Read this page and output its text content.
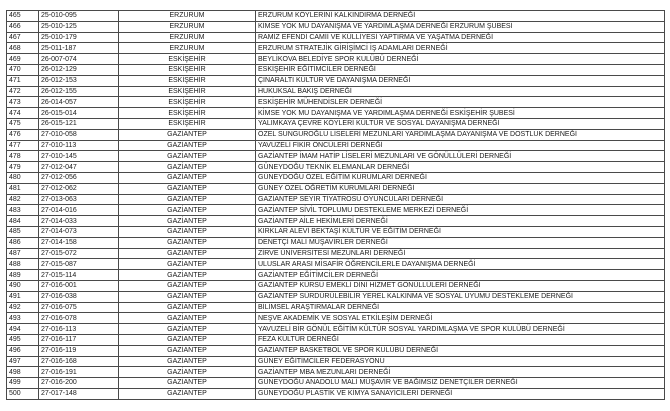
465	25-010-095	ERZURUM	ERZURUM KÖYLERİNİ KALKINDIRMA DERNEĞİ
466	25-010-125	ERZURUM	KİMSE YOK MU DAYANIŞMA VE YARDIMLAŞMA DERNEĞİ ERZURUM ŞUBESİ
467	25-010-179	ERZURUM	RAMİZ EFENDİ CAMİİ VE KÜLLİYESİ YAPTIRMA VE YAŞATMA DERNEĞİ
468	25-011-187	ERZURUM	ERZURUM STRATEJİK GİRİŞİMCİ İŞ ADAMLARI DERNEĞİ
469	26-007-074	ESKİŞEHİR	BEYLİKOVA BELEDİYE SPOR KULÜBÜ DERNEĞİ
470	26-012-129	ESKİŞEHİR	ESKİŞEHİR EĞİTİMCİLER DERNEĞİ
471	26-012-153	ESKİŞEHİR	ÇINARALTI KÜLTÜR VE DAYANIŞMA DERNEĞİ
472	26-012-155	ESKİŞEHİR	HUKUKSAL BAKIŞ DERNEĞİ
473	26-014-057	ESKİŞEHİR	ESKİŞEHİR MÜHENDİSLER DERNEĞİ
474	26-015-014	ESKİŞEHİR	KİMSE YOK MU DAYANIŞMA VE YARDIMLAŞMA DERNEĞİ ESKİŞEHİR ŞUBESİ
475	26-015-121	ESKİŞEHİR	YALIMKAYA ÇEVRE KÖYLERİ KÜLTÜR VE SOSYAL DAYANIŞMA DERNEĞİ
476	27-010-058	GAZİANTEP	ÖZEL SUNGUROĞLU LİSELERİ MEZUNLARI YARDIMLAŞMA DAYANIŞMA VE DOSTLUK DERNEĞİ
477	27-010-113	GAZİANTEP	YAVUZELİ FİKİR ÖNCÜLERİ DERNEĞİ
478	27-010-145	GAZİANTEP	GAZİANTEP İMAM HATİP LİSELERİ MEZUNLARI VE GÖNÜLLÜLERİ DERNEĞİ
479	27-012-047	GAZİANTEP	GÜNEYDOĞU TEKNİK ELEMANLAR DERNEĞİ
480	27-012-056	GAZİANTEP	GÜNEYDOĞU ÖZEL EĞİTİM KURUMLARI DERNEĞİ
481	27-012-062	GAZİANTEP	GÜNEY ÖZEL ÖĞRETİM KURUMLARI DERNEĞİ
482	27-013-063	GAZİANTEP	GAZİANTEP SEYİR TİYATROSU OYUNCULARI DERNEĞİ
483	27-014-016	GAZİANTEP	GAZİANTEP SİVİL TOPLUMU DESTEKLEME MERKEZİ DERNEĞİ
484	27-014-033	GAZİANTEP	GAZİANTEP AİLE HEKİMLERİ DERNEĞİ
485	27-014-073	GAZİANTEP	KIRKLAR ALEVİ BEKTAŞİ KÜLTÜR VE EĞİTİM DERNEĞİ
486	27-014-158	GAZİANTEP	DENETÇİ MALİ MÜŞAVİRLER DERNEĞİ
487	27-015-072	GAZİANTEP	ZİRVE ÜNİVERSİTESİ MEZUNLARI DERNEĞİ
488	27-015-087	GAZİANTEP	ULUSLAR ARASI MİSAFİR ÖĞRENCİLERLE DAYANIŞMA DERNEĞİ
489	27-015-114	GAZİANTEP	GAZİANTEP EĞİTİMCİLER DERNEĞİ
490	27-016-001	GAZİANTEP	GAZİANTEP KÜRSÜ EMEKLİ DİNİ HİZMET GÖNÜLLÜLERİ DERNEĞİ
491	27-016-038	GAZİANTEP	GAZİANTEP SÜRDÜRÜLEBİLİR YEREL KALKINMA VE SOSYAL UYUMU DESTEKLEME DERNEĞİ
492	27-016-075	GAZİANTEP	BİLİMSEL ARAŞTIRMALAR DERNEĞİ
493	27-016-078	GAZİANTEP	NEŞVE AKADEMİK VE SOSYAL ETKİLEŞİM DERNEĞİ
494	27-016-113	GAZİANTEP	YAVUZELİ BİR GÖNÜL EĞİTİM KÜLTÜR SOSYAL YARDIMLAŞMA VE SPOR KULÜBÜ DERNEĞİ
495	27-016-117	GAZİANTEP	FEZA KÜLTÜR DERNEĞİ
496	27-016-119	GAZİANTEP	GAZİANTEP BASKETBOL VE SPOR KULÜBÜ DERNEĞİ
497	27-016-168	GAZİANTEP	GÜNEY EĞİTİMCİLER FEDERASYONU
498	27-016-191	GAZİANTEP	GAZİANTEP MBA MEZUNLARI DERNEĞİ
499	27-016-200	GAZİANTEP	GÜNEYDOĞU ANADOLU MALİ MÜŞAVİR VE BAĞIMSIZ DENETÇİLER DERNEĞİ
500	27-017-148	GAZİANTEP	GÜNEYDOĞU PLASTİK VE KİMYA SANAYİCİLERİ DERNEĞİ
